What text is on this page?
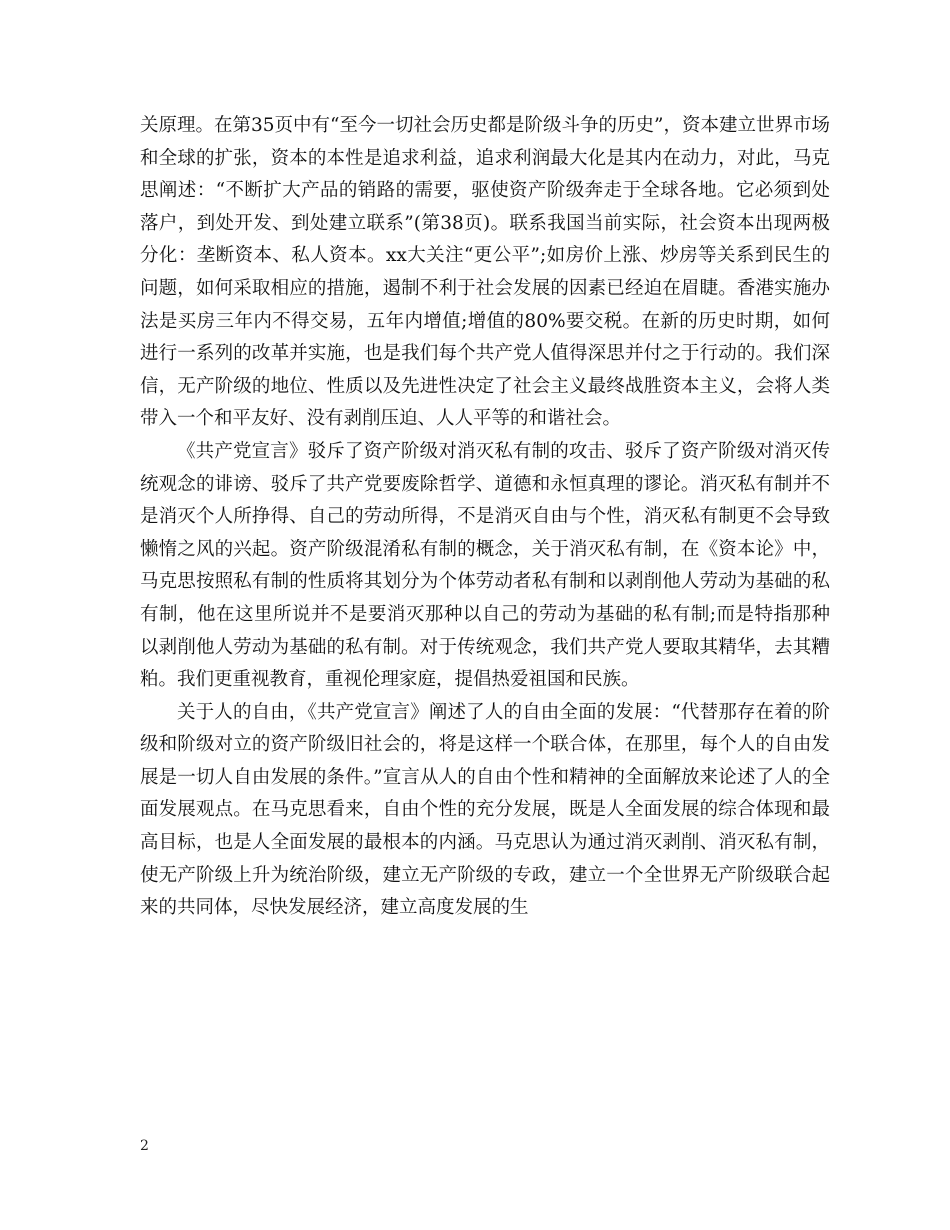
关原理。在第35页中有“至今一切社会历史都是阶级斗争的历史”，资本建立世界市场和全球的扩张，资本的本性是追求利益，追求利润最大化是其内在动力，对此，马克思阐述：“不断扩大产品的销路的需要，驱使资产阶级奔走于全球各地。它必须到处落户，到处开发、到处建立联系”(第38页)。联系我国当前实际，社会资本出现两极分化：垄断资本、私人资本。xx大关注“更公平”;如房价上涨、炒房等关系到民生的问题，如何采取相应的措施，遏制不利于社会发展的因素已经迫在眉睫。香港实施办法是买房三年内不得交易，五年内增值;增值的80%要交税。在新的历史时期，如何进行一系列的改革并实施，也是我们每个共产党人值得深思并付之于行动的。我们深信，无产阶级的地位、性质以及先进性决定了社会主义最终战胜资本主义，会将人类带入一个和平友好、没有剥削压迫、人人平等的和谐社会。

《共产党宣言》驳斥了资产阶级对消灭私有制的攻击、驳斥了资产阶级对消灭传统观念的诽谤、驳斥了共产党要废除哲学、道德和永恒真理的谬论。消灭私有制并不是消灭个人所挣得、自己的劳动所得，不是消灭自由与个性，消灭私有制更不会导致懒惰之风的兴起。资产阶级混淆私有制的概念，关于消灭私有制，在《资本论》中，马克思按照私有制的性质将其划分为个体劳动者私有制和以剥削他人劳动为基础的私有制，他在这里所说并不是要消灭那种以自己的劳动为基础的私有制;而是特指那种以剥削他人劳动为基础的私有制。对于传统观念，我们共产党人要取其精华，去其糟粕。我们更重视教育，重视伦理家庭，提倡热爱祖国和民族。

关于人的自由，《共产党宣言》阐述了人的自由全面的发展：“代替那存在着的阶级和阶级对立的资产阶级旧社会的，将是这样一个联合体，在那里，每个人的自由发展是一切人自由发展的条件。”宣言从人的自由个性和精神的全面解放来论述了人的全面发展观点。在马克思看来，自由个性的充分发展，既是人全面发展的综合体现和最高目标，也是人全面发展的最根本的内涵。马克思认为通过消灭剥削、消灭私有制，使无产阶级上升为统治阶级，建立无产阶级的专政，建立一个全世界无产阶级联合起来的共同体，尽快发展经济，建立高度发展的生

2
